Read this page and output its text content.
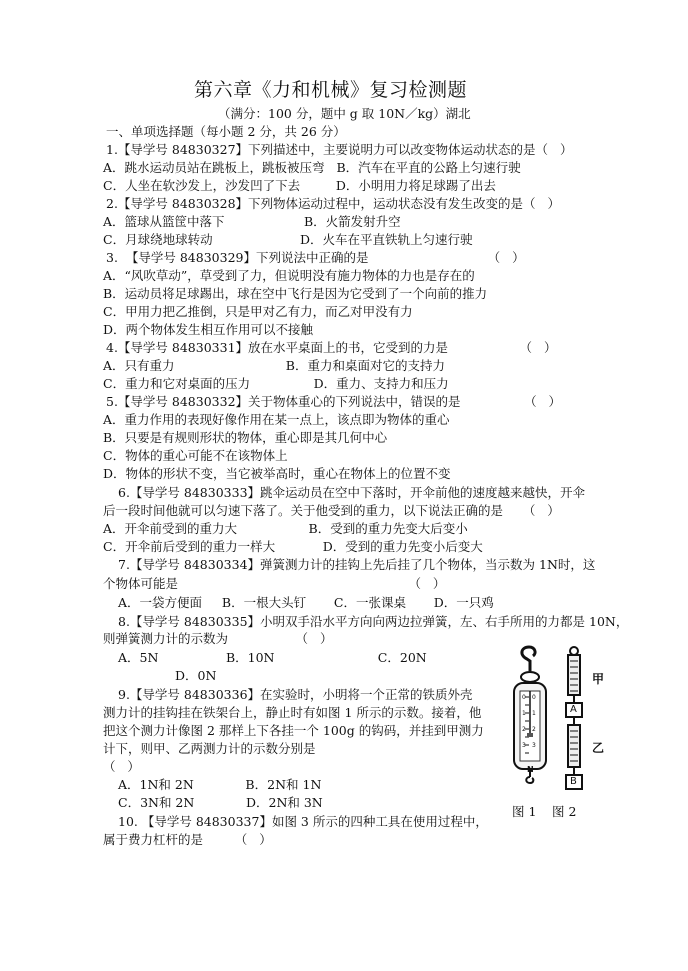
第六章《力和机械》复习检测题
（满分：100 分，题中 g 取 10N／kg）湖北
一、单项选择题（每小题 2 分，共 26 分）
1.【导学号 84830327】下列描述中，主要说明力可以改变物体运动状态的是（   ）
A．跳水运动员站在跳板上，跳板被压弯   B．汽车在平直的公路上匀速行驶
C．人坐在软沙发上，沙发凹了下去         D．小明用力将足球踢了出去
2.【导学号 84830328】下列物体运动过程中，运动状态没有发生改变的是（   ）
A．篮球从篮筐中落下                    B．火箭发射升空
C．月球绕地球转动                      D．火车在平直铁轨上匀速行驶
3.  【导学号 84830329】下列说法中正确的是                              （   ）
A．“风吹草动”，草受到了力，但说明没有施力物体的力也是存在的
B．运动员将足球踢出，球在空中飞行是因为它受到了一个向前的推力
C．甲用力把乙推倒，只是甲对乙有力，而乙对甲没有力
D．两个物体发生相互作用可以不接触
4.【导学号 84830331】放在水平桌面上的书，它受到的力是                  （   ）
A．只有重力                            B．重力和桌面对它的支持力
C．重力和它对桌面的压力                D．重力、支持力和压力
5.【导学号 84830332】关于物体重心的下列说法中，错误的是                （   ）
A．重力作用的表现好像作用在某一点上，该点即为物体的重心
B．只要是有规则形状的物体，重心即是其几何中心
C．物体的重心可能不在该物体上
D．物体的形状不变，当它被举高时，重心在物体上的位置不变
6.【导学号 84830333】跳伞运动员在空中下落时，开伞前他的速度越来越快，开伞
后一段时间他就可以匀速下落了。关于他受到的重力，以下说法正确的是     （   ）
A．开伞前受到的重力大                  B．受到的重力先变大后变小
C．开伞前后受到的重力一样大            D．受到的重力先变小后变大
7.【导学号 84830334】弹簧测力计的挂钩上先后挂了几个物体，当示数为 1N时，这
个物体可能是                                                          （   ）
A．一袋方便面     B．一根大头钉       C．一张课桌       D．一只鸡
8.【导学号 84830335】小明双手沿水平方向向两边拉弹簧，左、右手所用的力都是 10N，
则弹簧测力计的示数为                 （   ）
A．5N                 B．10N                          C．20N
D．0N
9.【导学号 84830336】在实验时，小明将一个正常的铁质外壳
测力计的挂钩挂在铁架台上，静止时有如图 1 所示的示数。接着，他
把这个测力计像图 2 那样上下各挂一个 100g 的钩码，并挂到甲测力
计下，则甲、乙两测力计的示数分别是
（   ）
A．1N和 2N             B．2N和 1N
C．3N和 2N             D．2N和 3N
10. 【导学号 84830337】如图 3 所示的四种工具在使用过程中，
属于费力杠杆的是        （   ）
0
1
2
3
0
1
2
3
N
A
B
甲
乙
图 1 图 2
